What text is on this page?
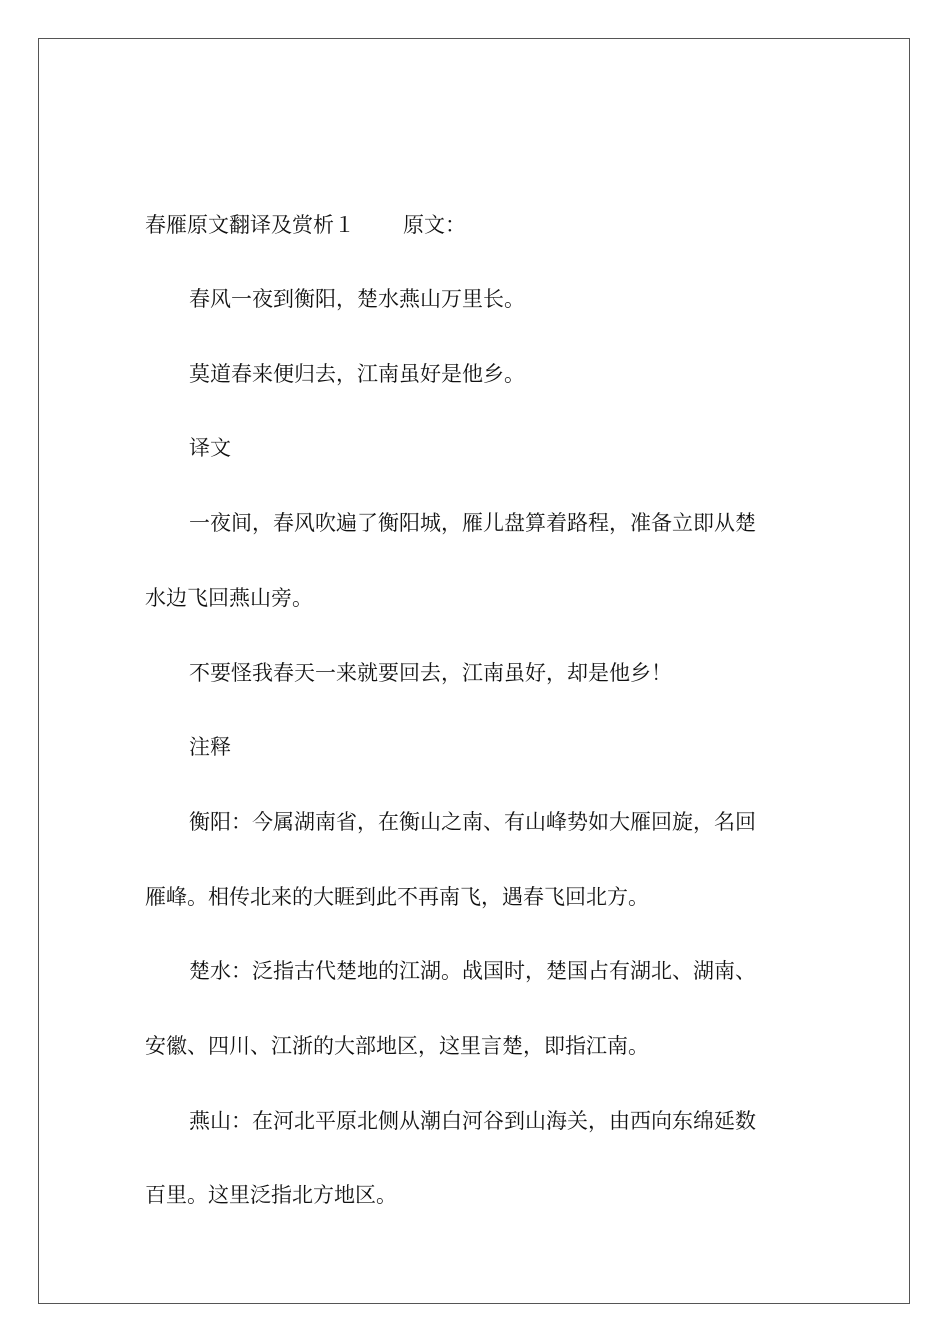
春雁原文翻译及赏析１ 原文：
春风一夜到衡阳，楚水燕山万里长。
莫道春来便归去，江南虽好是他乡。
译文
一夜间，春风吹遍了衡阳城，雁儿盘算着路程，准备立即从楚
水边飞回燕山旁。
不要怪我春天一来就要回去，江南虽好，却是他乡！
注释
衡阳：今属湖南省，在衡山之南、有山峰势如大雁回旋，名回
雁峰。相传北来的大睚到此不再南飞，遇春飞回北方。
楚水：泛指古代楚地的江湖。战国时，楚国占有湖北、湖南、
安徽、四川、江浙的大部地区，这里言楚，即指江南。
燕山：在河北平原北侧从潮白河谷到山海关，由西向东绵延数
百里。这里泛指北方地区。
